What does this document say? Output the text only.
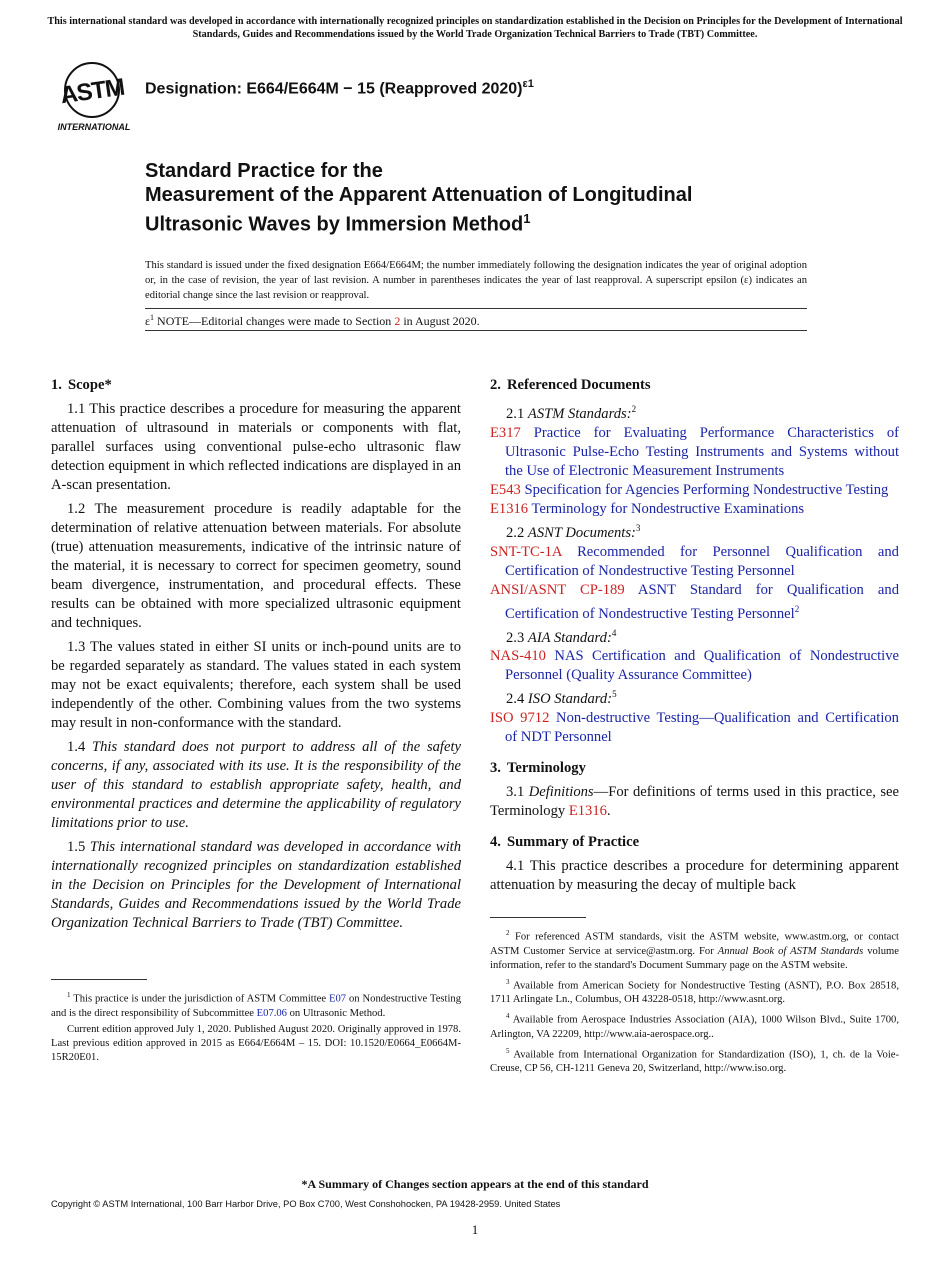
This international standard was developed in accordance with internationally recognized principles on standardization established in the Decision on Principles for the Development of International Standards, Guides and Recommendations issued by the World Trade Organization Technical Barriers to Trade (TBT) Committee.
ASTM
INTERNATIONAL
Designation: E664/E664M − 15 (Reapproved 2020)$^{\varepsilon 1}$
Standard Practice for the
Measurement of the Apparent Attenuation of Longitudinal
Ultrasonic Waves by Immersion Method$^1$
This standard is issued under the fixed designation E664/E664M; the number immediately following the designation indicates the year of original adoption or, in the case of revision, the year of last revision. A number in parentheses indicates the year of last reapproval. A superscript epsilon (ε) indicates an editorial change since the last revision or reapproval.
$\varepsilon^1$ NOTE—Editorial changes were made to Section 2 in August 2020.
1. Scope*

1.1 This practice describes a procedure for measuring the apparent attenuation of ultrasound in materials or components with flat, parallel surfaces using conventional pulse-echo ultrasonic flaw detection equipment in which reflected indications are displayed in an A-scan presentation.

1.2 The measurement procedure is readily adaptable for the determination of relative attenuation between materials. For absolute (true) attenuation measurements, indicative of the intrinsic nature of the material, it is necessary to correct for specimen geometry, sound beam divergence, instrumentation, and procedural effects. These results can be obtained with more specialized ultrasonic equipment and techniques.

1.3 The values stated in either SI units or inch-pound units are to be regarded separately as standard. The values stated in each system may not be exact equivalents; therefore, each system shall be used independently of the other. Combining values from the two systems may result in non-conformance with the standard.

1.4 This standard does not purport to address all of the safety concerns, if any, associated with its use. It is the responsibility of the user of this standard to establish appropriate safety, health, and environmental practices and determine the applicability of regulatory limitations prior to use.

1.5 This international standard was developed in accordance with internationally recognized principles on standardization established in the Decision on Principles for the Development of International Standards, Guides and Recommendations issued by the World Trade Organization Technical Barriers to Trade (TBT) Committee.

2. Referenced Documents
2.1 ASTM Standards:$^2$
E317 Practice for Evaluating Performance Characteristics of Ultrasonic Pulse-Echo Testing Instruments and Systems without the Use of Electronic Measurement Instruments
E543 Specification for Agencies Performing Nondestructive Testing
E1316 Terminology for Nondestructive Examinations
2.2 ASNT Documents:$^3$
SNT-TC-1A Recommended for Personnel Qualification and Certification of Nondestructive Testing Personnel
ANSI/ASNT CP-189 ASNT Standard for Qualification and Certification of Nondestructive Testing Personnel$^2$
2.3 AIA Standard:$^4$
NAS-410 NAS Certification and Qualification of Nondestructive Personnel (Quality Assurance Committee)
2.4 ISO Standard:$^5$
ISO 9712 Non-destructive Testing—Qualification and Certification of NDT Personnel
3. Terminology

3.1 Definitions—For definitions of terms used in this practice, see Terminology E1316.

4. Summary of Practice

4.1 This practice describes a procedure for determining apparent attenuation by measuring the decay of multiple back

$^1$ This practice is under the jurisdiction of ASTM Committee E07 on Nondestructive Testing and is the direct responsibility of Subcommittee E07.06 on Ultrasonic Method.

Current edition approved July 1, 2020. Published August 2020. Originally approved in 1978. Last previous edition approved in 2015 as E664/E664M – 15. DOI: 10.1520/E0664_E0664M-15R20E01.

$^2$ For referenced ASTM standards, visit the ASTM website, www.astm.org, or contact ASTM Customer Service at service@astm.org. For Annual Book of ASTM Standards volume information, refer to the standard's Document Summary page on the ASTM website.

$^3$ Available from American Society for Nondestructive Testing (ASNT), P.O. Box 28518, 1711 Arlingate Ln., Columbus, OH 43228-0518, http://www.asnt.org.

$^4$ Available from Aerospace Industries Association (AIA), 1000 Wilson Blvd., Suite 1700, Arlington, VA 22209, http://www.aia-aerospace.org..

$^5$ Available from International Organization for Standardization (ISO), 1, ch. de la Voie-Creuse, CP 56, CH-1211 Geneva 20, Switzerland, http://www.iso.org.

*A Summary of Changes section appears at the end of this standard
Copyright © ASTM International, 100 Barr Harbor Drive, PO Box C700, West Conshohocken, PA 19428-2959. United States
1
